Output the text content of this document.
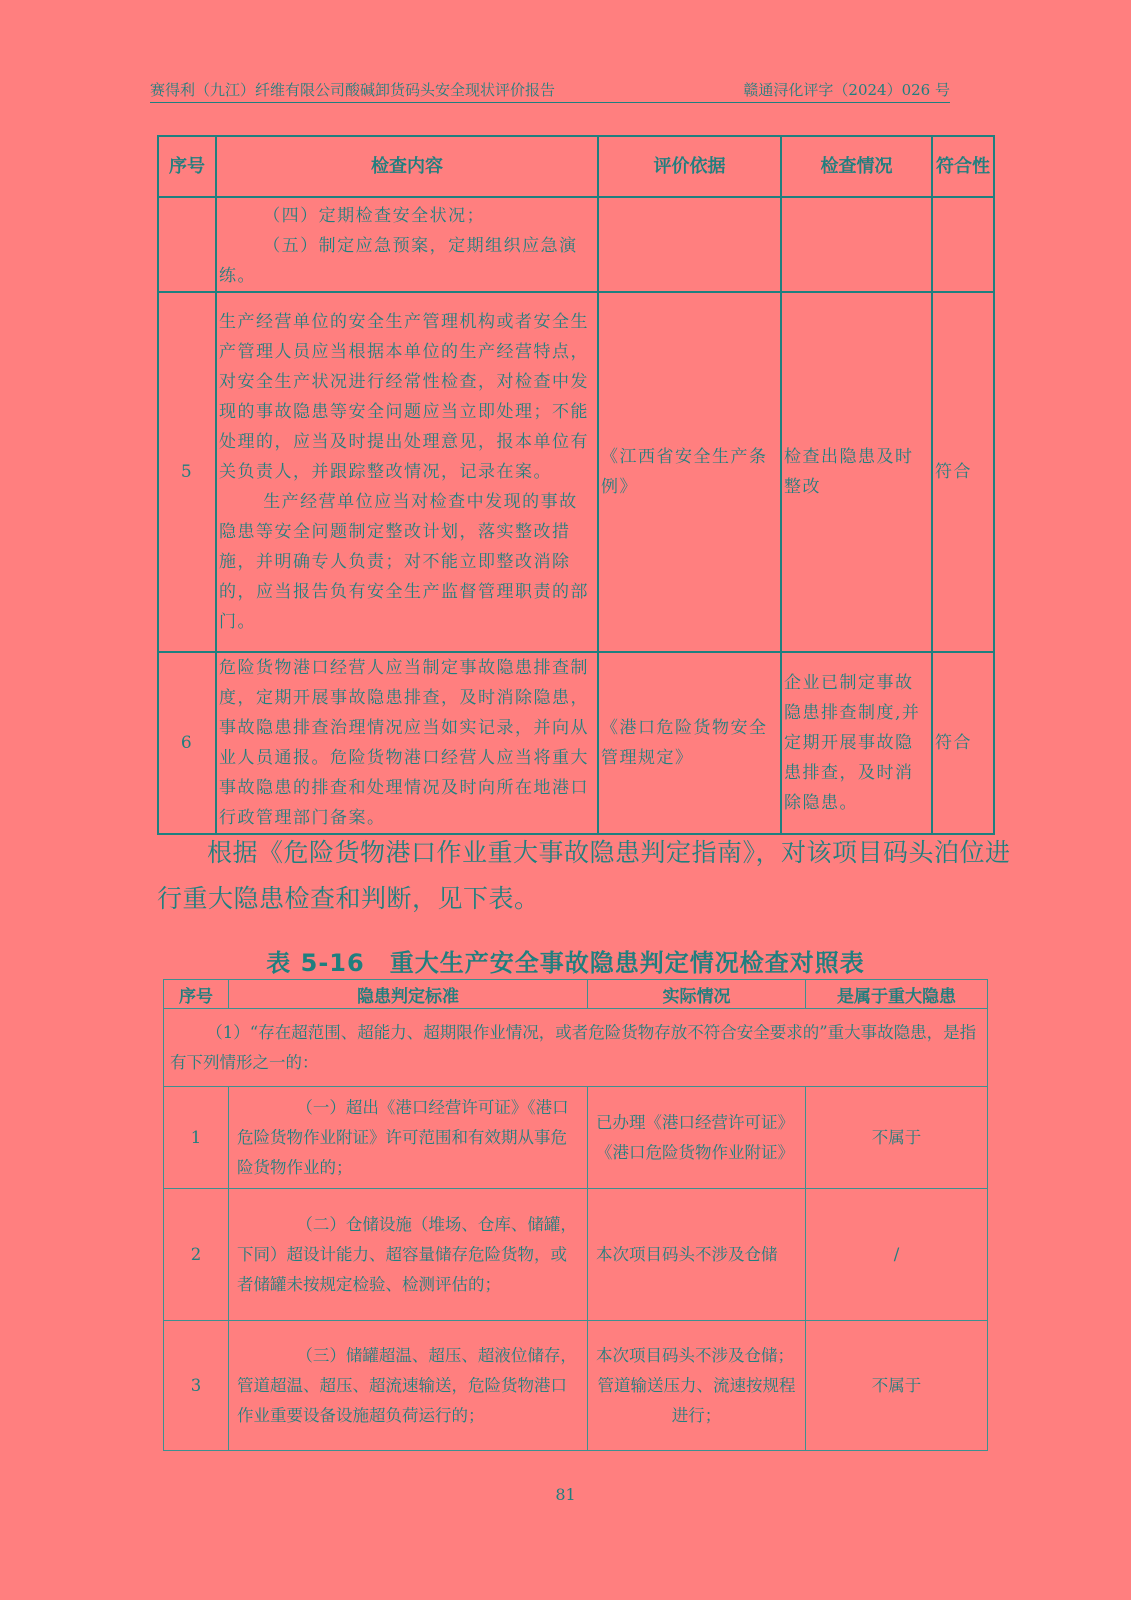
赛得利（九江）纤维有限公司酸碱卸货码头安全现状评价报告	赣通浔化评字（2024）026 号
序号	检查内容	评价依据	检查情况	符合性

	（四）定期检查安全状况；
（五）制定应急预案，定期组织应急演练。			

5	生产经营单位的安全生产管理机构或者安全生产管理人员应当根据本单位的生产经营特点，对安全生产状况进行经常性检查，对检查中发现的事故隐患等安全问题应当立即处理；不能处理的，应当及时提出处理意见，报本单位有关负责人，并跟踪整改情况，记录在案。
生产经营单位应当对检查中发现的事故隐患等安全问题制定整改计划，落实整改措施，并明确专人负责；对不能立即整改消除的，应当报告负有安全生产监督管理职责的部门。	《江西省安全生产条例》	检查出隐患及时整改	符合
6	危险货物港口经营人应当制定事故隐患排查制度，定期开展事故隐患排查，及时消除隐患，事故隐患排查治理情况应当如实记录，并向从业人员通报。危险货物港口经营人应当将重大事故隐患的排查和处理情况及时向所在地港口行政管理部门备案。	《港口危险货物安全管理规定》	企业已制定事故隐患排查制度,并定期开展事故隐患排查，及时消除隐患。	符合
根据《危险货物港口作业重大事故隐患判定指南》，对该项目码头泊位进
行重大隐患检查和判断，见下表。
表 5-16　重大生产安全事故隐患判定情况检查对照表
序号	隐患判定标准	实际情况	是属于重大隐患
（1）“存在超范围、超能力、超期限作业情况，或者危险货物存放不符合安全要求的”重大事故隐患，是指有下列情形之一的：			
1	（一）超出《港口经营许可证》《港口危险货物作业附证》许可范围和有效期从事危险货物作业的；	已办理《港口经营许可证》《港口危险货物作业附证》	不属于
2	（二）仓储设施（堆场、仓库、储罐，下同）超设计能力、超容量储存危险货物，或者储罐未按规定检验、检测评估的；	本次项目码头不涉及仓储	/
3	（三）储罐超温、超压、超液位储存，管道超温、超压、超流速输送，危险货物港口作业重要设备设施超负荷运行的；	本次项目码头不涉及仓储；
管道输送压力、流速按规程进行；	不属于
81
